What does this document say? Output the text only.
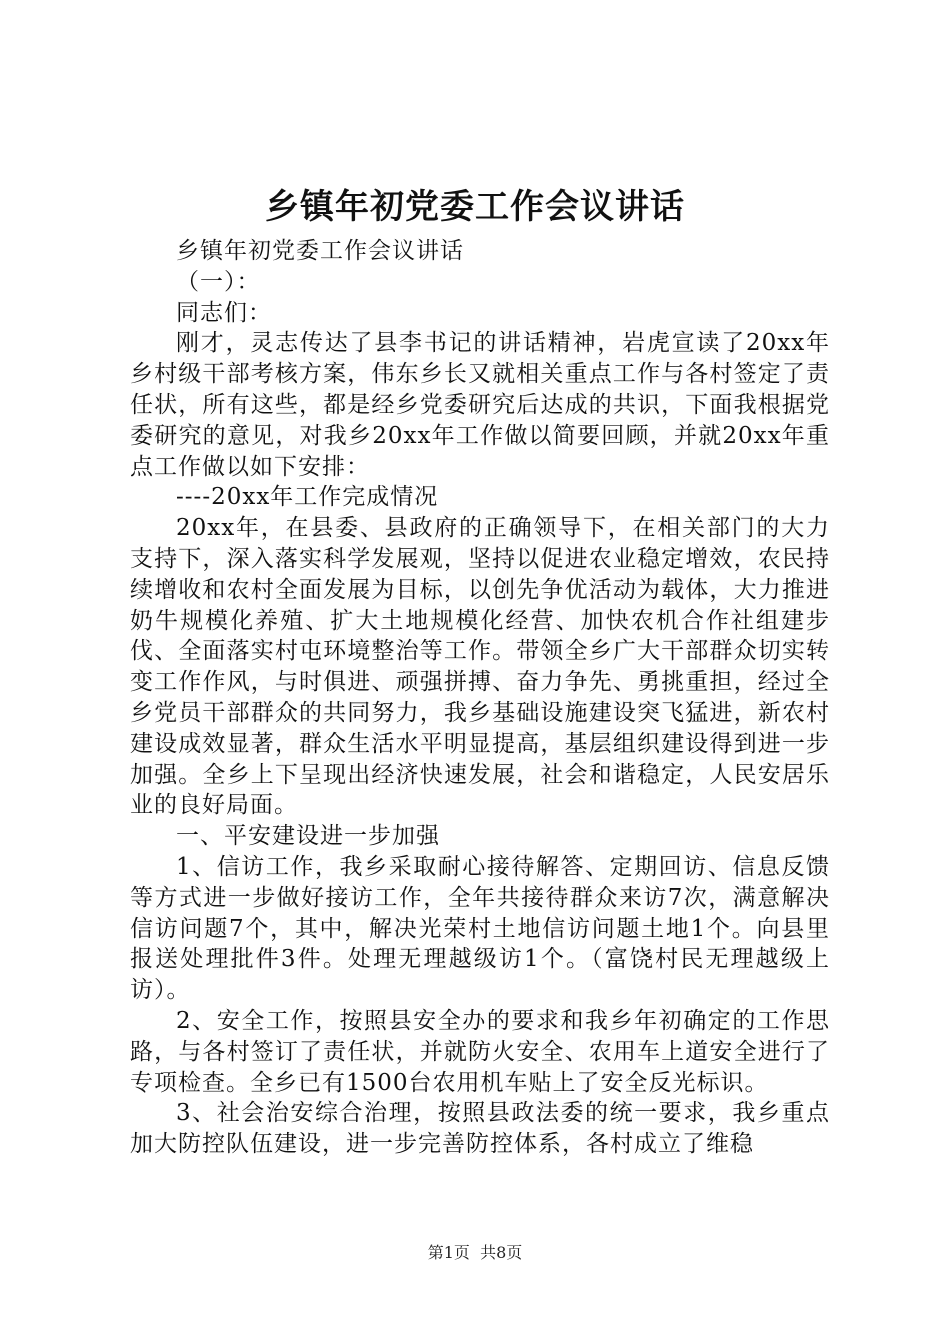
乡镇年初党委工作会议讲话

乡镇年初党委工作会议讲话

（一）：

同志们：

刚才，灵志传达了县李书记的讲话精神，岩虎宣读了20xx年乡村级干部考核方案，伟东乡长又就相关重点工作与各村签定了责任状，所有这些，都是经乡党委研究后达成的共识，下面我根据党委研究的意见，对我乡20xx年工作做以简要回顾，并就20xx年重点工作做以如下安排：

----20xx年工作完成情况

20xx年，在县委、县政府的正确领导下，在相关部门的大力支持下，深入落实科学发展观，坚持以促进农业稳定增效，农民持续增收和农村全面发展为目标，以创先争优活动为载体，大力推进奶牛规模化养殖、扩大土地规模化经营、加快农机合作社组建步伐、全面落实村屯环境整治等工作。带领全乡广大干部群众切实转变工作作风，与时俱进、顽强拼搏、奋力争先、勇挑重担，经过全乡党员干部群众的共同努力，我乡基础设施建设突飞猛进，新农村建设成效显著，群众生活水平明显提高，基层组织建设得到进一步加强。全乡上下呈现出经济快速发展，社会和谐稳定，人民安居乐业的良好局面。

一、平安建设进一步加强

1、信访工作，我乡采取耐心接待解答、定期回访、信息反馈等方式进一步做好接访工作，全年共接待群众来访7次，满意解决信访问题7个，其中，解决光荣村土地信访问题土地1个。向县里报送处理批件3件。处理无理越级访1个。（富饶村民无理越级上访）。

2、安全工作，按照县安全办的要求和我乡年初确定的工作思路，与各村签订了责任状，并就防火安全、农用车上道安全进行了专项检查。全乡已有1500台农用机车贴上了安全反光标识。

3、社会治安综合治理，按照县政法委的统一要求，我乡重点加大防控队伍建设，进一步完善防控体系，各村成立了维稳

第1页 共8页
